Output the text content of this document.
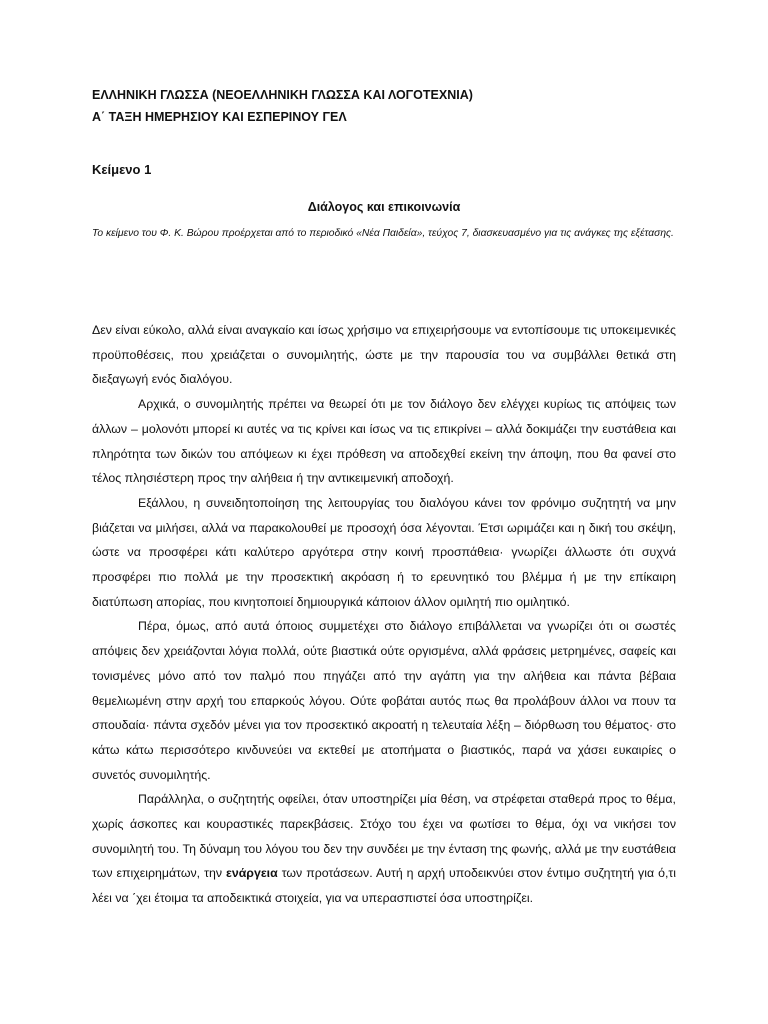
ΕΛΛΗΝΙΚΗ ΓΛΩΣΣΑ (ΝΕΟΕΛΛΗΝΙΚΗ ΓΛΩΣΣΑ ΚΑΙ ΛΟΓΟΤΕΧΝΙΑ)
Α΄ ΤΑΞΗ ΗΜΕΡΗΣΙΟΥ ΚΑΙ ΕΣΠΕΡΙΝΟΥ ΓΕΛ
Κείμενο 1
Διάλογος και επικοινωνία
Το κείμενο του Φ. Κ. Βώρου προέρχεται από το περιοδικό «Νέα Παιδεία», τεύχος 7, διασκευασμένο για τις ανάγκες της εξέτασης.

Δεν είναι εύκολο, αλλά είναι αναγκαίο και ίσως χρήσιμο να επιχειρήσουμε να εντοπίσουμε τις υποκειμενικές προϋποθέσεις, που χρειάζεται ο συνομιλητής, ώστε με την παρουσία του να συμβάλλει θετικά στη διεξαγωγή ενός διαλόγου.

Αρχικά, ο συνομιλητής πρέπει να θεωρεί ότι με τον διάλογο δεν ελέγχει κυρίως τις απόψεις των άλλων – μολονότι μπορεί κι αυτές να τις κρίνει και ίσως να τις επικρίνει – αλλά δοκιμάζει την ευστάθεια και πληρότητα των δικών του απόψεων κι έχει πρόθεση να αποδεχθεί εκείνη την άποψη, που θα φανεί στο τέλος πλησιέστερη προς την αλήθεια ή την αντικειμενική αποδοχή.

Εξάλλου, η συνειδητοποίηση της λειτουργίας του διαλόγου κάνει τον φρόνιμο συζητητή να μην βιάζεται να μιλήσει, αλλά να παρακολουθεί με προσοχή όσα λέγονται. Έτσι ωριμάζει και η δική του σκέψη, ώστε να προσφέρει κάτι καλύτερο αργότερα στην κοινή προσπάθεια· γνωρίζει άλλωστε ότι συχνά προσφέρει πιο πολλά με την προσεκτική ακρόαση ή το ερευνητικό του βλέμμα ή με την επίκαιρη διατύπωση απορίας, που κινητοποιεί δημιουργικά κάποιον άλλον ομιλητή πιο ομιλητικό.

Πέρα, όμως, από αυτά όποιος συμμετέχει στο διάλογο επιβάλλεται να γνωρίζει ότι οι σωστές απόψεις δεν χρειάζονται λόγια πολλά, ούτε βιαστικά ούτε οργισμένα, αλλά φράσεις μετρημένες, σαφείς και τονισμένες μόνο από τον παλμό που πηγάζει από την αγάπη για την αλήθεια και πάντα βέβαια θεμελιωμένη στην αρχή του επαρκούς λόγου. Ούτε φοβάται αυτός πως θα προλάβουν άλλοι να πουν τα σπουδαία· πάντα σχεδόν μένει για τον προσεκτικό ακροατή η τελευταία λέξη – διόρθωση του θέματος· στο κάτω κάτω περισσότερο κινδυνεύει να εκτεθεί με ατοπήματα ο βιαστικός, παρά να χάσει ευκαιρίες ο συνετός συνομιλητής.

Παράλληλα, ο συζητητής οφείλει, όταν υποστηρίζει μία θέση, να στρέφεται σταθερά προς το θέμα, χωρίς άσκοπες και κουραστικές παρεκβάσεις. Στόχο του έχει να φωτίσει το θέμα, όχι να νικήσει τον συνομιλητή του. Τη δύναμη του λόγου του δεν την συνδέει με την ένταση της φωνής, αλλά με την ευστάθεια των επιχειρημάτων, την ενάργεια των προτάσεων. Αυτή η αρχή υποδεικνύει στον έντιμο συζητητή για ό,τι λέει να ΄χει έτοιμα τα αποδεικτικά στοιχεία, για να υπερασπιστεί όσα υποστηρίζει.
